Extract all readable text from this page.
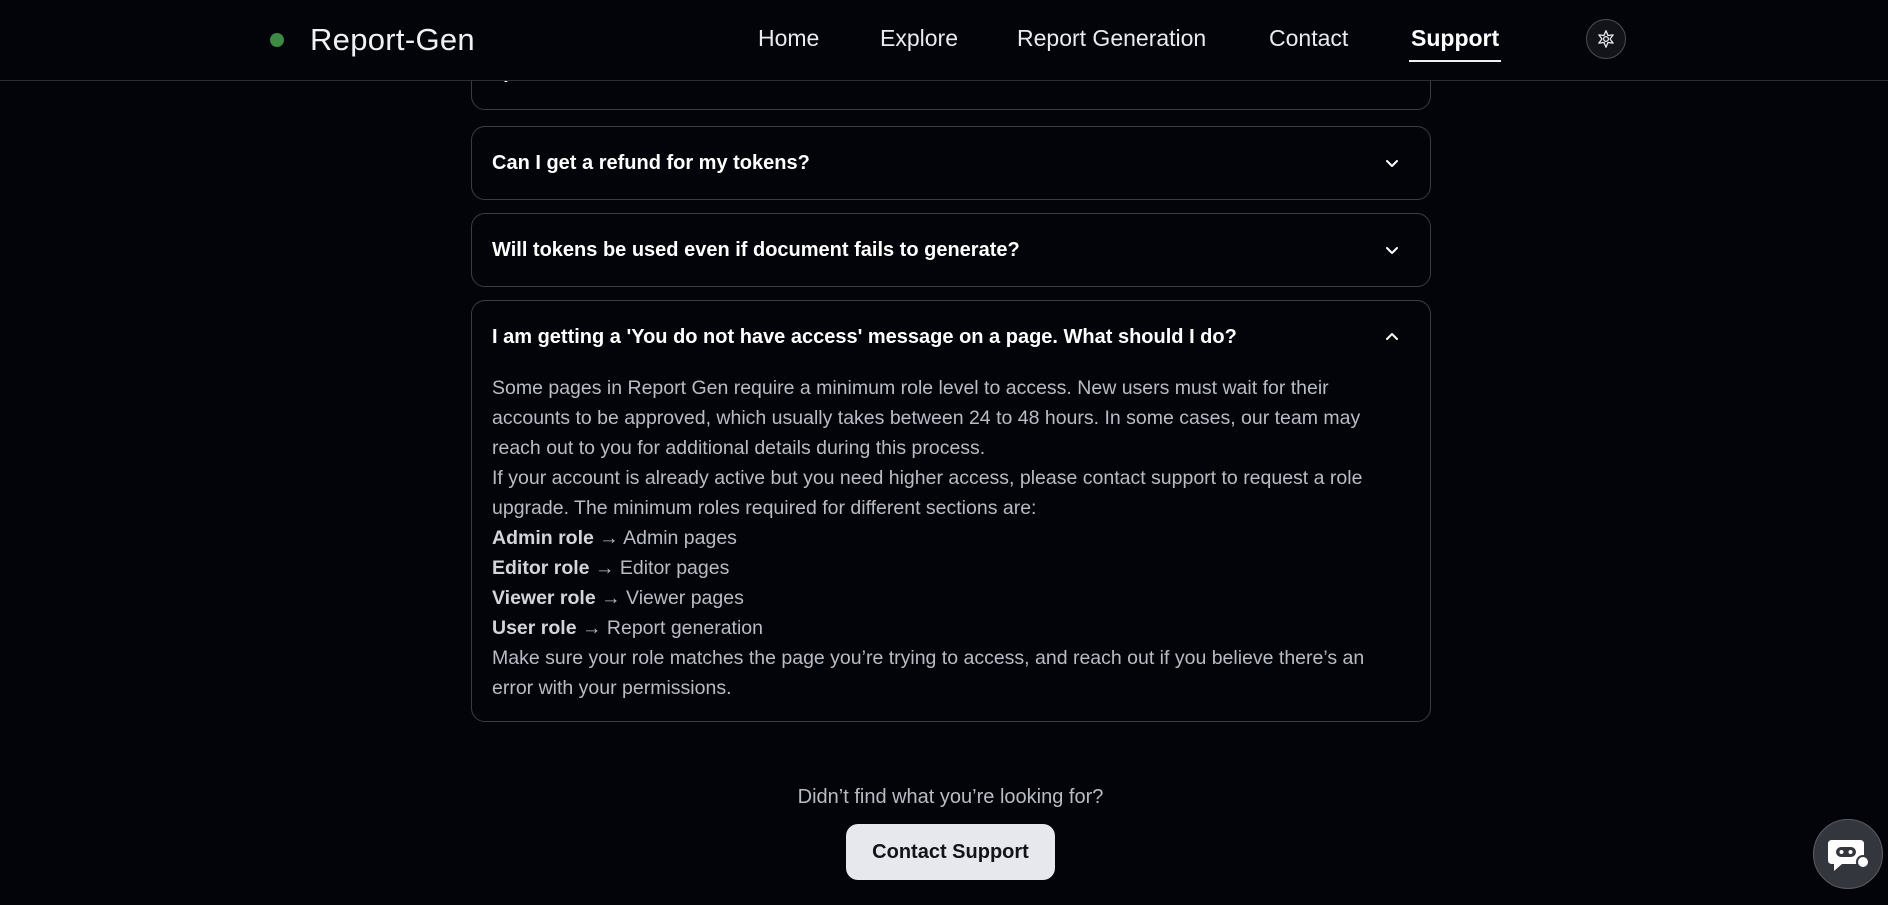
Report-Gen	Home	Explore	Report Generation	Contact	Support
Can I get a refund for my tokens?
Will tokens be used even if document fails to generate?
I am getting a 'You do not have access' message on a page. What should I do?

Some pages in Report Gen require a minimum role level to access. New users must wait for their accounts to be approved, which usually takes between 24 to 48 hours. In some cases, our team may reach out to you for additional details during this process.

If your account is already active but you need higher access, please contact support to request a role upgrade. The minimum roles required for different sections are:

Admin role → Admin pages
Editor role → Editor pages
Viewer role → Viewer pages
User role → Report generation

Make sure your role matches the page you’re trying to access, and reach out if you believe there’s an error with your permissions.

Didn’t find what you’re looking for?
Contact Support
